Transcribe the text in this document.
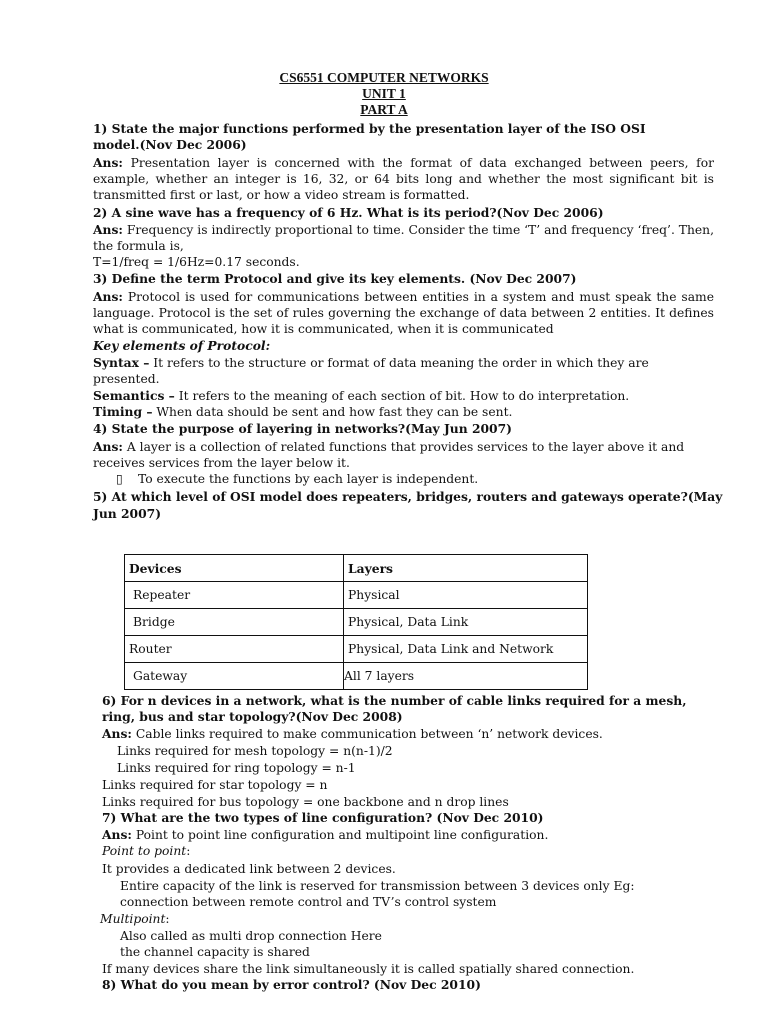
CS6551 COMPUTER NETWORKS
UNIT 1
PART A
1) State the major functions performed by the presentation layer of the ISO OSI
model.(Nov Dec 2006)
Ans: Presentation layer is concerned with the format of data exchanged between peers, for
example, whether an integer is 16, 32, or 64 bits long and whether the most significant bit is
transmitted first or last, or how a video stream is formatted.
2) A sine wave has a frequency of 6 Hz. What is its period?(Nov Dec 2006)
Ans: Frequency is indirectly proportional to time. Consider the time ‘T’ and frequency ‘freq’. Then,
the formula is,
T=1/freq = 1/6Hz=0.17 seconds.
3) Define the term Protocol and give its key elements. (Nov Dec 2007)
Ans: Protocol is used for communications between entities in a system and must speak the same
language. Protocol is the set of rules governing the exchange of data between 2 entities. It defines
what is communicated, how it is communicated, when it is communicated
Key elements of Protocol:
Syntax – It refers to the structure or format of data meaning the order in which they are
presented.
Semantics – It refers to the meaning of each section of bit. How to do interpretation.
Timing – When data should be sent and how fast they can be sent.
4) State the purpose of layering in networks?(May Jun 2007)
Ans: A layer is a collection of related functions that provides services to the layer above it and
receives services from the layer below it.
▯ To execute the functions by each layer is independent.
5) At which level of OSI model does repeaters, bridges, routers and gateways operate?(May
Jun 2007)
Devices	Layers
Repeater	Physical
Bridge	Physical, Data Link
Router	Physical, Data Link and Network
Gateway	All 7 layers
6) For n devices in a network, what is the number of cable links required for a mesh,
ring, bus and star topology?(Nov Dec 2008)
Ans: Cable links required to make communication between ‘n’ network devices.
Links required for mesh topology = n(n-1)/2
Links required for ring topology = n-1
Links required for star topology = n
Links required for bus topology = one backbone and n drop lines
7) What are the two types of line configuration? (Nov Dec 2010)
Ans: Point to point line configuration and multipoint line configuration.
Point to point:
It provides a dedicated link between 2 devices.
Entire capacity of the link is reserved for transmission between 3 devices only Eg:
connection between remote control and TV’s control system
Multipoint:
Also called as multi drop connection Here
the channel capacity is shared
If many devices share the link simultaneously it is called spatially shared connection.
8) What do you mean by error control? (Nov Dec 2010)
